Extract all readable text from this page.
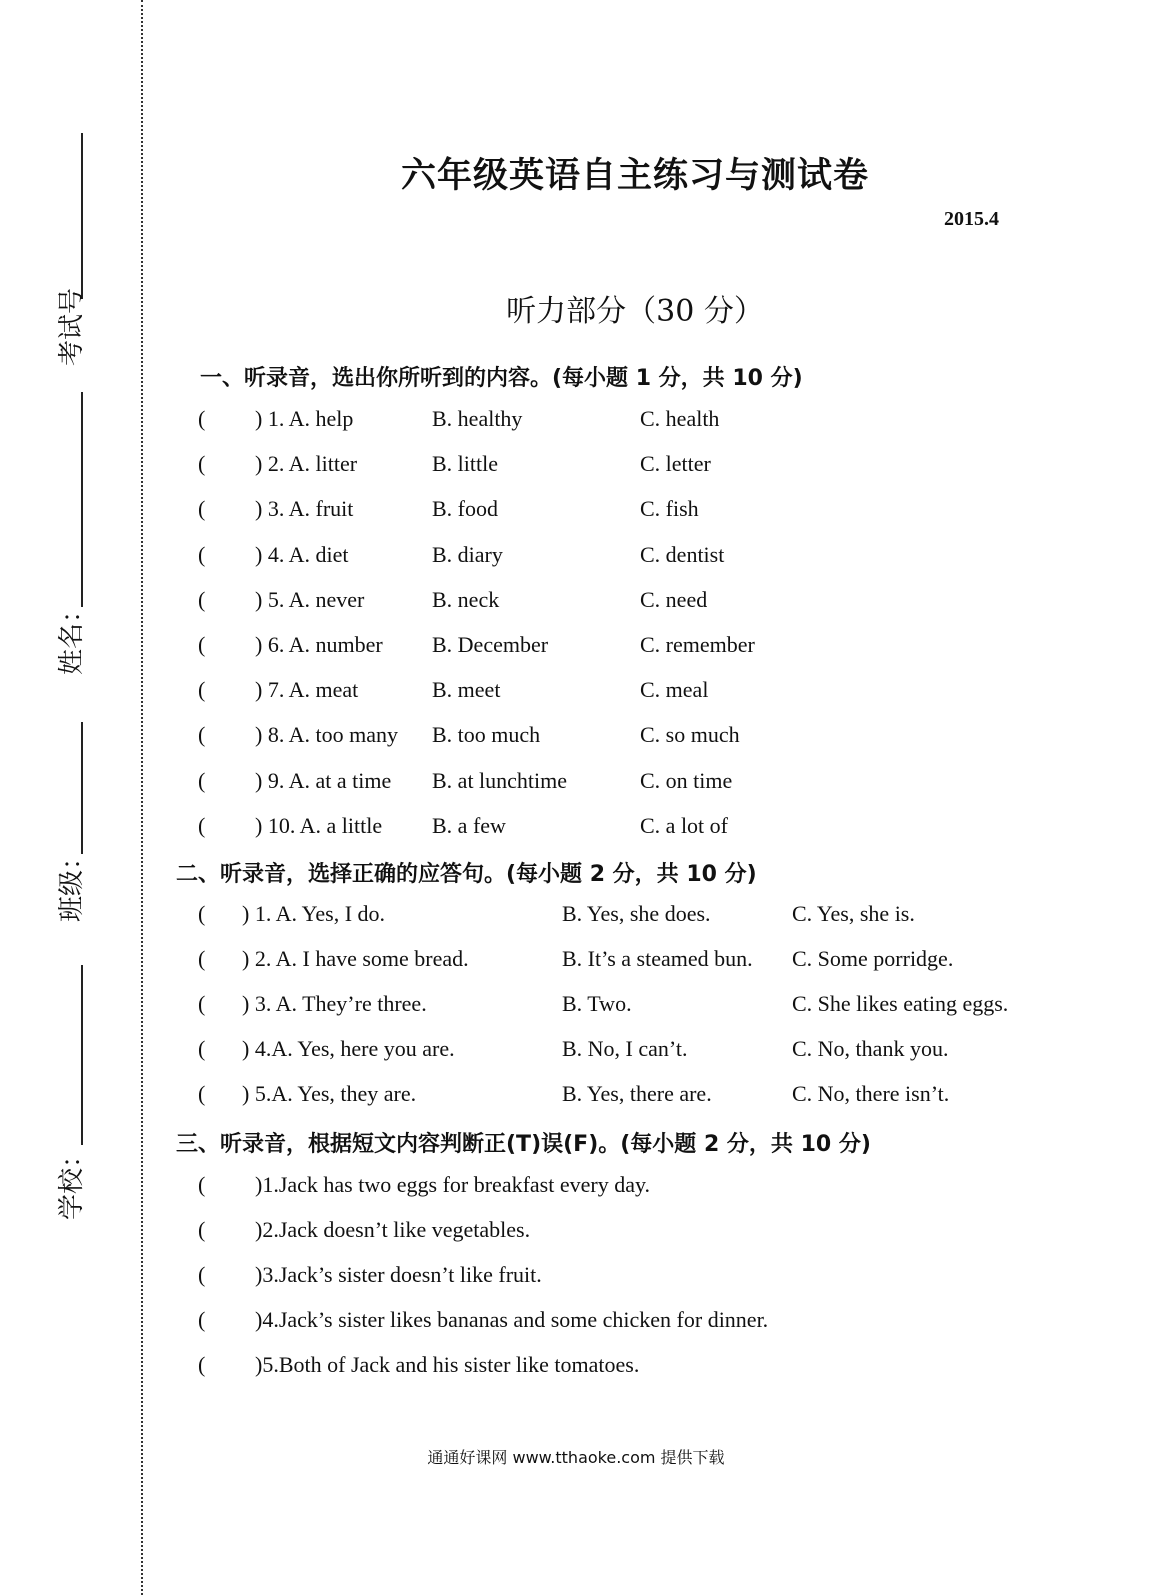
考试号
姓名：
班级：
学校：
六年级英语自主练习与测试卷
2015.4
听力部分（30 分）
一、听录音，选出你所听到的内容。(每小题 1 分，共 10 分)
( ) 1. A. help	B. healthy	C. health
( ) 2. A. litter	B. little	C. letter
( ) 3. A. fruit	B. food	C. fish
( ) 4. A. diet	B. diary	C. dentist
( ) 5. A. never	B. neck	C. need
( ) 6. A. number B. December	C. remember
( ) 7. A. meat	B. meet	C. meal
( ) 8. A. too many B. too much	C. so much
( ) 9. A. at a time B. at lunchtime	C. on time
( ) 10. A. a little B. a few	C. a lot of
二、听录音，选择正确的应答句。(每小题 2 分，共 10 分)
( ) 1. A. Yes, I do.	B. Yes, she does.	C. Yes, she is.
( ) 2. A. I have some bread.	B. It’s a steamed bun. C. Some porridge.
( ) 3. A. They’re three.	B. Two.	C. She likes eating eggs.
( ) 4.A. Yes, here you are.	B. No, I can’t.	C. No, thank you.
( ) 5.A. Yes, they are.	B. Yes, there are.	C. No, there isn’t.
三、听录音，根据短文内容判断正(T)误(F)。(每小题 2 分，共 10 分)
( )1.Jack has two eggs for breakfast every day.
( )2.Jack doesn’t like vegetables.
( )3.Jack’s sister doesn’t like fruit.
( )4.Jack’s sister likes bananas and some chicken for dinner.
( )5.Both of Jack and his sister like tomatoes.
通通好课网 www.tthaoke.com 提供下载
